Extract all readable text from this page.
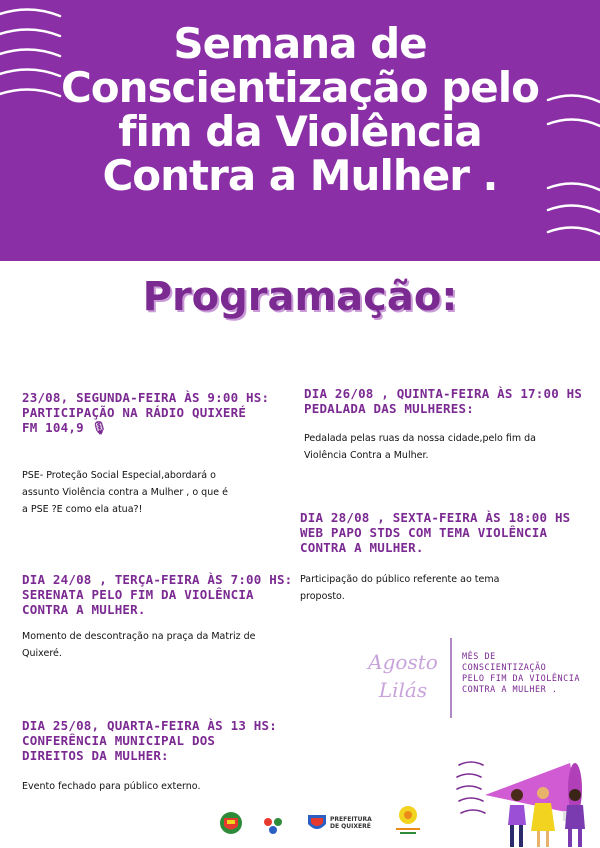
Semana de
Conscientização pelo
fim da Violência
Contra a Mulher .
Programação:
23/08, SEGUNDA-FEIRA ÀS 9:00 HS:
PARTICIPAÇÃO NA RÁDIO QUIXERÉ
FM 104,9 🎙
PSE- Proteção Social Especial,abordará o
assunto Violência contra a Mulher , o que é
a PSE ?E como ela atua?!
DIA 24/08 , TERÇA-FEIRA ÀS 7:00 HS:
SERENATA PELO FIM DA VIOLÊNCIA
CONTRA A MULHER.
Momento de descontração na praça da Matriz de
Quixeré.
DIA 25/08, QUARTA-FEIRA ÀS 13 HS:
CONFERÊNCIA MUNICIPAL DOS
DIREITOS DA MULHER:
Evento fechado para público externo.
DIA 26/08 , QUINTA-FEIRA ÀS 17:00 HS
PEDALADA DAS MULHERES:
Pedalada pelas ruas da nossa cidade,pelo fim da
Violência Contra a Mulher.
DIA 28/08 , SEXTA-FEIRA ÀS 18:00 HS
WEB PAPO STDS COM TEMA VIOLÊNCIA
CONTRA A MULHER.
Participação do público referente ao tema
proposto.
Agosto
Lilás
MÊS DE
CONSCIENTIZAÇÃO
PELO FIM DA VIOLÊNCIA
CONTRA A MULHER .
PREFEITURA
DE QUIXERÉ
